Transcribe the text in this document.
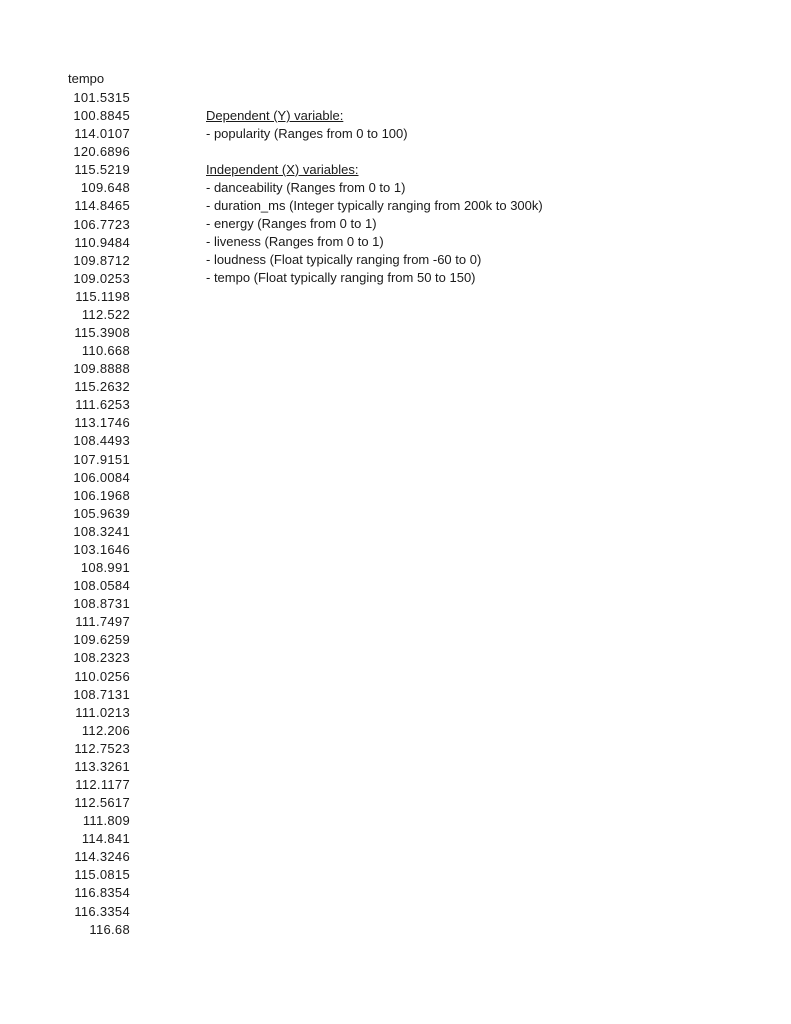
tempo
101.5315
100.8845
114.0107
120.6896
115.5219
109.648
114.8465
106.7723
110.9484
109.8712
109.0253
115.1198
112.522
115.3908
110.668
109.8888
115.2632
111.6253
113.1746
108.4493
107.9151
106.0084
106.1968
105.9639
108.3241
103.1646
108.991
108.0584
108.8731
111.7497
109.6259
108.2323
110.0256
108.7131
111.0213
112.206
112.7523
113.3261
112.1177
112.5617
111.809
114.841
114.3246
115.0815
116.8354
116.3354
116.68
Dependent (Y) variable:
- popularity (Ranges from 0 to 100)
Independent (X) variables:
- danceability (Ranges from 0 to 1)
- duration_ms (Integer typically ranging from 200k to 300k)
- energy (Ranges from 0 to 1)
- liveness (Ranges from 0 to 1)
- loudness (Float typically ranging from -60 to 0)
- tempo (Float typically ranging from 50 to 150)
